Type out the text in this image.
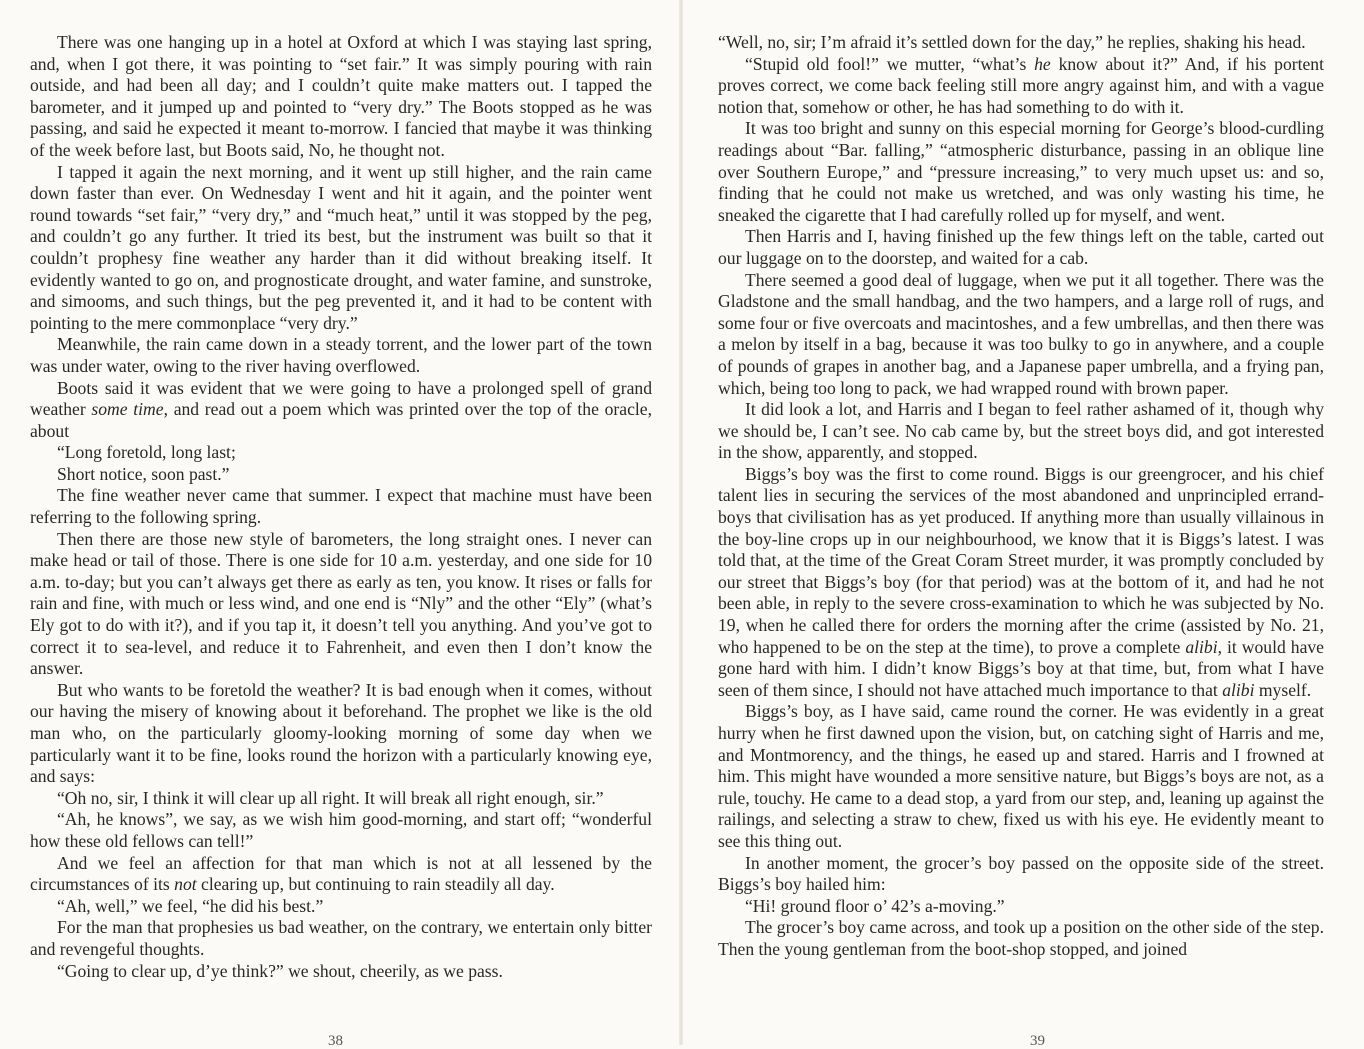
There was one hanging up in a hotel at Oxford at which I was staying last spring, and, when I got there, it was pointing to “set fair.” It was simply pouring with rain outside, and had been all day; and I couldn’t quite make matters out. I tapped the barometer, and it jumped up and pointed to “very dry.” The Boots stopped as he was passing, and said he expected it meant to-morrow. I fancied that maybe it was thinking of the week before last, but Boots said, No, he thought not.

I tapped it again the next morning, and it went up still higher, and the rain came down faster than ever. On Wednesday I went and hit it again, and the pointer went round towards “set fair,” “very dry,” and “much heat,” until it was stopped by the peg, and couldn’t go any further. It tried its best, but the instrument was built so that it couldn’t prophesy fine weather any harder than it did without breaking itself. It evidently wanted to go on, and prognosticate drought, and water famine, and sunstroke, and simooms, and such things, but the peg prevented it, and it had to be content with pointing to the mere commonplace “very dry.”

Meanwhile, the rain came down in a steady torrent, and the lower part of the town was under water, owing to the river having overflowed.

Boots said it was evident that we were going to have a prolonged spell of grand weather some time, and read out a poem which was printed over the top of the oracle, about

“Long foretold, long last;

Short notice, soon past.”

The fine weather never came that summer. I expect that machine must have been referring to the following spring.

Then there are those new style of barometers, the long straight ones. I never can make head or tail of those. There is one side for 10 a.m. yesterday, and one side for 10 a.m. to-day; but you can’t always get there as early as ten, you know. It rises or falls for rain and fine, with much or less wind, and one end is “Nly” and the other “Ely” (what’s Ely got to do with it?), and if you tap it, it doesn’t tell you anything. And you’ve got to correct it to sea-level, and reduce it to Fahrenheit, and even then I don’t know the answer.

But who wants to be foretold the weather? It is bad enough when it comes, without our having the misery of knowing about it beforehand. The prophet we like is the old man who, on the particularly gloomy-looking morning of some day when we particularly want it to be fine, looks round the horizon with a particularly knowing eye, and says:

“Oh no, sir, I think it will clear up all right. It will break all right enough, sir.”

“Ah, he knows”, we say, as we wish him good-morning, and start off; “wonderful how these old fellows can tell!”

And we feel an affection for that man which is not at all lessened by the circumstances of its not clearing up, but continuing to rain steadily all day.

“Ah, well,” we feel, “he did his best.”

For the man that prophesies us bad weather, on the contrary, we entertain only bitter and revengeful thoughts.

“Going to clear up, d’ye think?” we shout, cheerily, as we pass.

38

“Well, no, sir; I’m afraid it’s settled down for the day,” he replies, shaking his head.

“Stupid old fool!” we mutter, “what’s he know about it?” And, if his portent proves correct, we come back feeling still more angry against him, and with a vague notion that, somehow or other, he has had something to do with it.

It was too bright and sunny on this especial morning for George’s blood-curdling readings about “Bar. falling,” “atmospheric disturbance, passing in an oblique line over Southern Europe,” and “pressure increasing,” to very much upset us: and so, finding that he could not make us wretched, and was only wasting his time, he sneaked the cigarette that I had carefully rolled up for myself, and went.

Then Harris and I, having finished up the few things left on the table, carted out our luggage on to the doorstep, and waited for a cab.

There seemed a good deal of luggage, when we put it all together. There was the Gladstone and the small handbag, and the two hampers, and a large roll of rugs, and some four or five overcoats and macintoshes, and a few umbrellas, and then there was a melon by itself in a bag, because it was too bulky to go in anywhere, and a couple of pounds of grapes in another bag, and a Japanese paper umbrella, and a frying pan, which, being too long to pack, we had wrapped round with brown paper.

It did look a lot, and Harris and I began to feel rather ashamed of it, though why we should be, I can’t see. No cab came by, but the street boys did, and got interested in the show, apparently, and stopped.

Biggs’s boy was the first to come round. Biggs is our greengrocer, and his chief talent lies in securing the services of the most abandoned and unprincipled errand-boys that civilisation has as yet produced. If anything more than usually villainous in the boy-line crops up in our neighbourhood, we know that it is Biggs’s latest. I was told that, at the time of the Great Coram Street murder, it was promptly concluded by our street that Biggs’s boy (for that period) was at the bottom of it, and had he not been able, in reply to the severe cross-examination to which he was subjected by No. 19, when he called there for orders the morning after the crime (assisted by No. 21, who happened to be on the step at the time), to prove a complete alibi, it would have gone hard with him. I didn’t know Biggs’s boy at that time, but, from what I have seen of them since, I should not have attached much importance to that alibi myself.

Biggs’s boy, as I have said, came round the corner. He was evidently in a great hurry when he first dawned upon the vision, but, on catching sight of Harris and me, and Montmorency, and the things, he eased up and stared. Harris and I frowned at him. This might have wounded a more sensitive nature, but Biggs’s boys are not, as a rule, touchy. He came to a dead stop, a yard from our step, and, leaning up against the railings, and selecting a straw to chew, fixed us with his eye. He evidently meant to see this thing out.

In another moment, the grocer’s boy passed on the opposite side of the street. Biggs’s boy hailed him:

“Hi! ground floor o’ 42’s a-moving.”

The grocer’s boy came across, and took up a position on the other side of the step. Then the young gentleman from the boot-shop stopped, and joined

39
